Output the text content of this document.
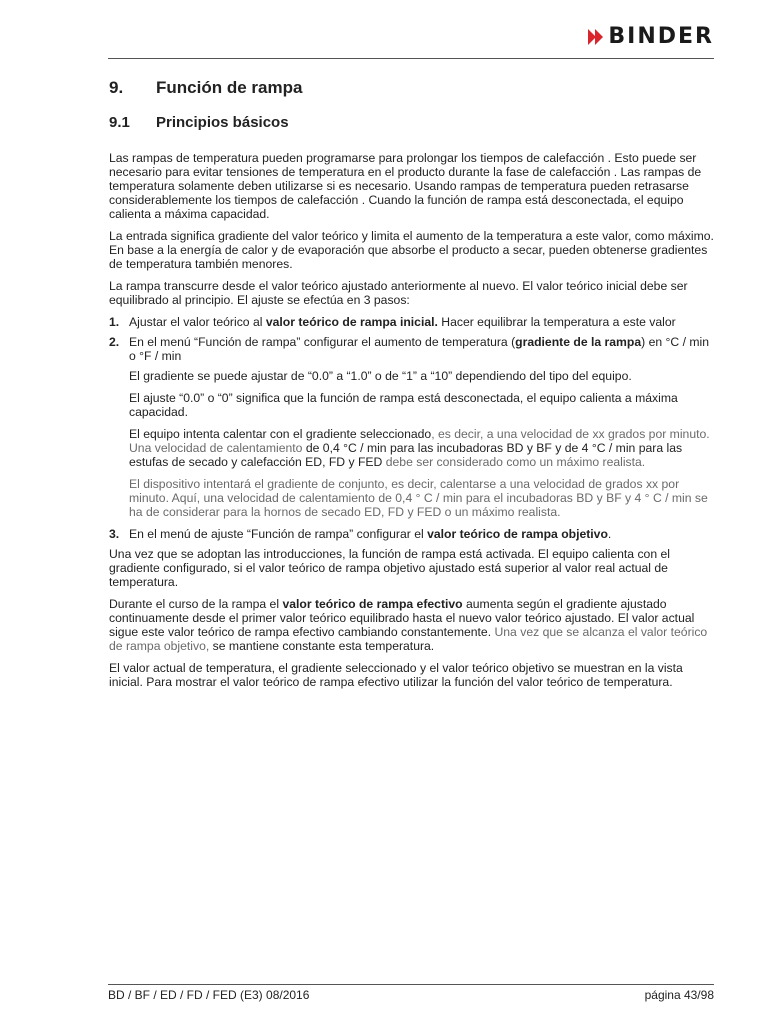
BINDER
9.	Función de rampa
9.1	Principios básicos

Las rampas de temperatura pueden programarse para prolongar los tiempos de calefacción . Esto puede ser necesario para evitar tensiones de temperatura en el producto durante la fase de calefacción . Las rampas de temperatura solamente deben utilizarse si es necesario. Usando rampas de temperatura pueden retrasarse considerablemente los tiempos de calefacción . Cuando la función de rampa está desconectada, el equipo calienta a máxima capacidad.

La entrada significa gradiente del valor teórico y limita el aumento de la temperatura a este valor, como máximo. En base a la energía de calor y de evaporación que absorbe el producto a secar, pueden obtenerse gradientes de temperatura también menores.

La rampa transcurre desde el valor teórico ajustado anteriormente al nuevo. El valor teórico inicial debe ser equilibrado al principio. El ajuste se efectúa en 3 pasos:

1. Ajustar el valor teórico al valor teórico de rampa inicial. Hacer equilibrar la temperatura a este valor
2. En el menú “Función de rampa” configurar el aumento de temperatura (gradiente de la rampa) en °C / min o °F / min

El gradiente se puede ajustar de “0.0” a “1.0” o de “1” a “10” dependiendo del tipo del equipo.

El ajuste “0.0” o “0” significa que la función de rampa está desconectada, el equipo calienta a máxima capacidad.

El equipo intenta calentar con el gradiente seleccionado, es decir, a una velocidad de xx grados por minuto. Una velocidad de calentamiento de 0,4 °C / min para las incubadoras BD y BF y de 4 °C / min para las estufas de secado y calefacción ED, FD y FED debe ser considerado como un máximo realista.

El dispositivo intentará el gradiente de conjunto, es decir, calentarse a una velocidad de grados xx por minuto. Aquí, una velocidad de calentamiento de 0,4 ° C / min para el incubadoras BD y BF y 4 ° C / min se ha de considerar para la hornos de secado ED, FD y FED o un máximo realista.

3. En el menú de ajuste “Función de rampa” configurar el valor teórico de rampa objetivo.

Una vez que se adoptan las introducciones, la función de rampa está activada. El equipo calienta con el gradiente configurado, si el valor teórico de rampa objetivo ajustado está superior al valor real actual de temperatura.

Durante el curso de la rampa el valor teórico de rampa efectivo aumenta según el gradiente ajustado continuamente desde el primer valor teórico equilibrado hasta el nuevo valor teórico ajustado. El valor actual sigue este valor teórico de rampa efectivo cambiando constantemente. Una vez que se alcanza el valor teórico de rampa objetivo, se mantiene constante esta temperatura.

El valor actual de temperatura, el gradiente seleccionado y el valor teórico objetivo se muestran en la vista inicial. Para mostrar el valor teórico de rampa efectivo utilizar la función del valor teórico de temperatura.

BD / BF / ED / FD / FED (E3) 08/2016	página 43/98
